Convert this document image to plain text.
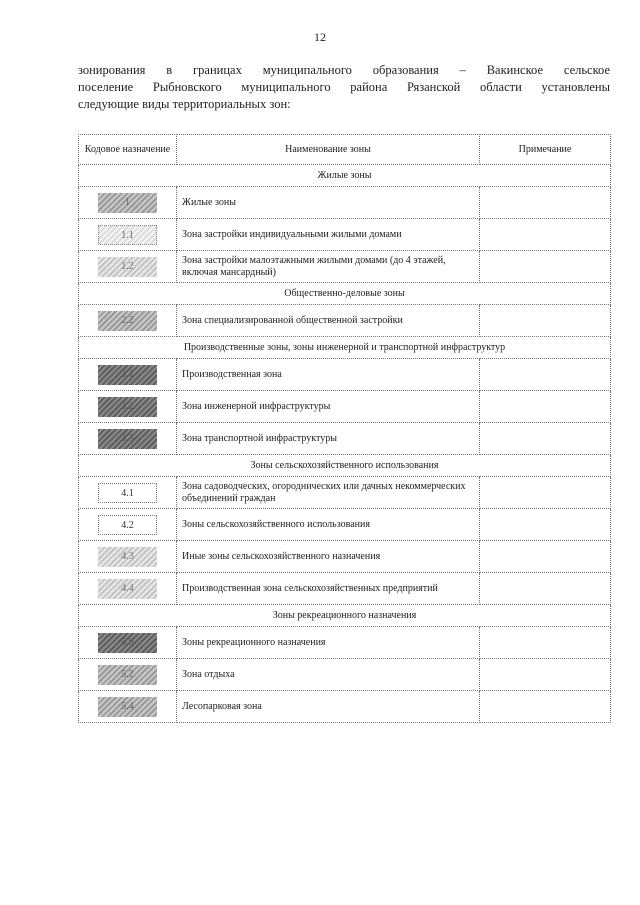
12
зонирования в границах муниципального образования – Вакинское сельское
поселение Рыбновского муниципального района Рязанской области установлены
следующие виды территориальных зон:
Кодовое назначение	Наименование зоны	Примечание
Жилые зоны		
1	Жилые зоны	
1.1	Зона застройки индивидуальными жилыми домами	
1.2	Зона застройки малоэтажными жилыми домами (до 4 этажей, включая мансардный)	
Общественно-деловые зоны		
2.2	Зона специализированной общественной застройки	
Производственные зоны, зоны инженерной и транспортной инфраструктур		
3.1	Производственная зона	
3.2	Зона инженерной инфраструктуры	
3.3	Зона транспортной инфраструктуры	
Зоны сельскохозяйственного использования		
4.1	Зона садоводческих, огороднических или дачных некоммерческих объединений граждан	
4.2	Зоны сельскохозяйственного использования	
4.3	Иные зоны сельскохозяйственного назначения	
4.4	Производственная зона сельскохозяйственных предприятий	
Зоны рекреационного назначения		
5.0	Зоны рекреационного назначения	
5.2	Зона отдыха	
5.4	Лесопарковая зона	
